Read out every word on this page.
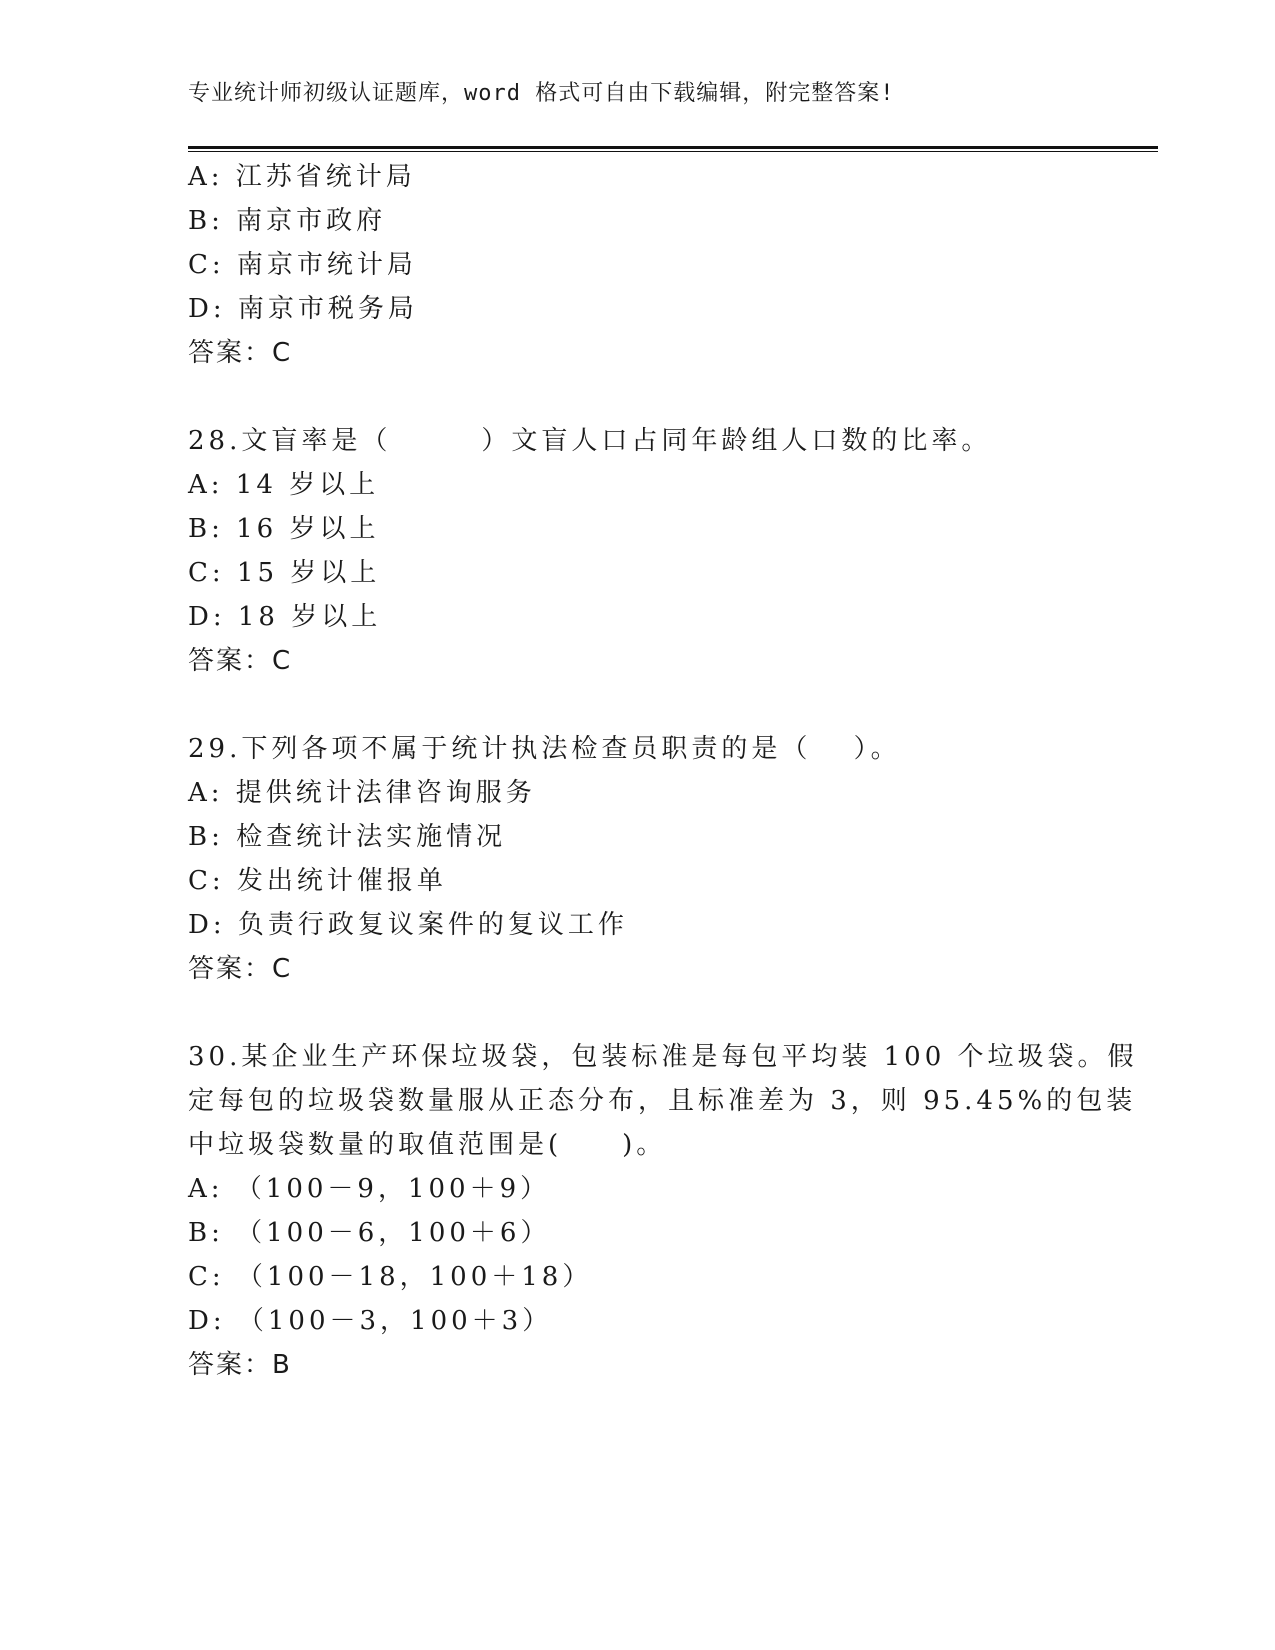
专业统计师初级认证题库，word 格式可自由下载编辑，附完整答案!
A: 江苏省统计局
B: 南京市政府
C: 南京市统计局
D: 南京市税务局
答案：C
28.文盲率是（　　　）文盲人口占同年龄组人口数的比率。
A: 14 岁以上
B: 16 岁以上
C: 15 岁以上
D: 18 岁以上
答案：C
29.下列各项不属于统计执法检查员职责的是（　 ）。
A: 提供统计法律咨询服务
B: 检查统计法实施情况
C: 发出统计催报单
D: 负责行政复议案件的复议工作
答案：C
30.某企业生产环保垃圾袋，包装标准是每包平均装 100 个垃圾袋。假
定每包的垃圾袋数量服从正态分布，且标准差为 3，则 95.45%的包装
中垃圾袋数量的取值范围是(　　)。
A: （100－9，100＋9）
B: （100－6，100＋6）
C: （100－18，100＋18）
D: （100－3，100＋3）
答案：B
